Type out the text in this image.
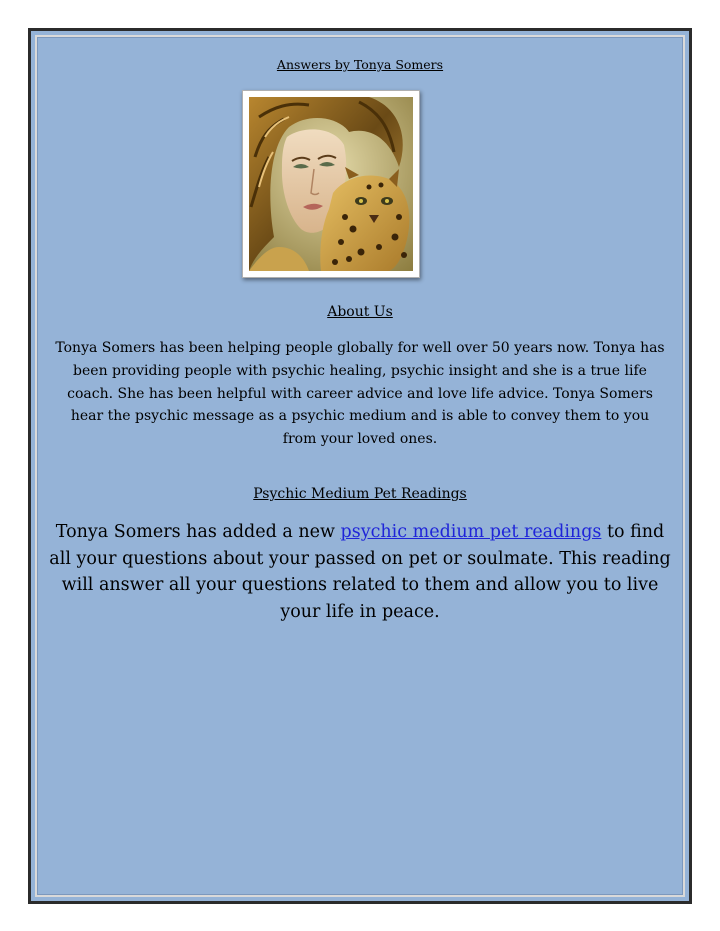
Answers by Tonya Somers
About Us
Tonya Somers has been helping people globally for well over 50 years now. Tonya has been providing people with psychic healing, psychic insight and she is a true life coach. She has been helpful with career advice and love life advice. Tonya Somers hear the psychic message as a psychic medium and is able to convey them to you from your loved ones.
Psychic Medium Pet Readings
Tonya Somers has added a new psychic medium pet readings to find all your questions about your passed on pet or soulmate. This reading will answer all your questions related to them and allow you to live your life in peace.
